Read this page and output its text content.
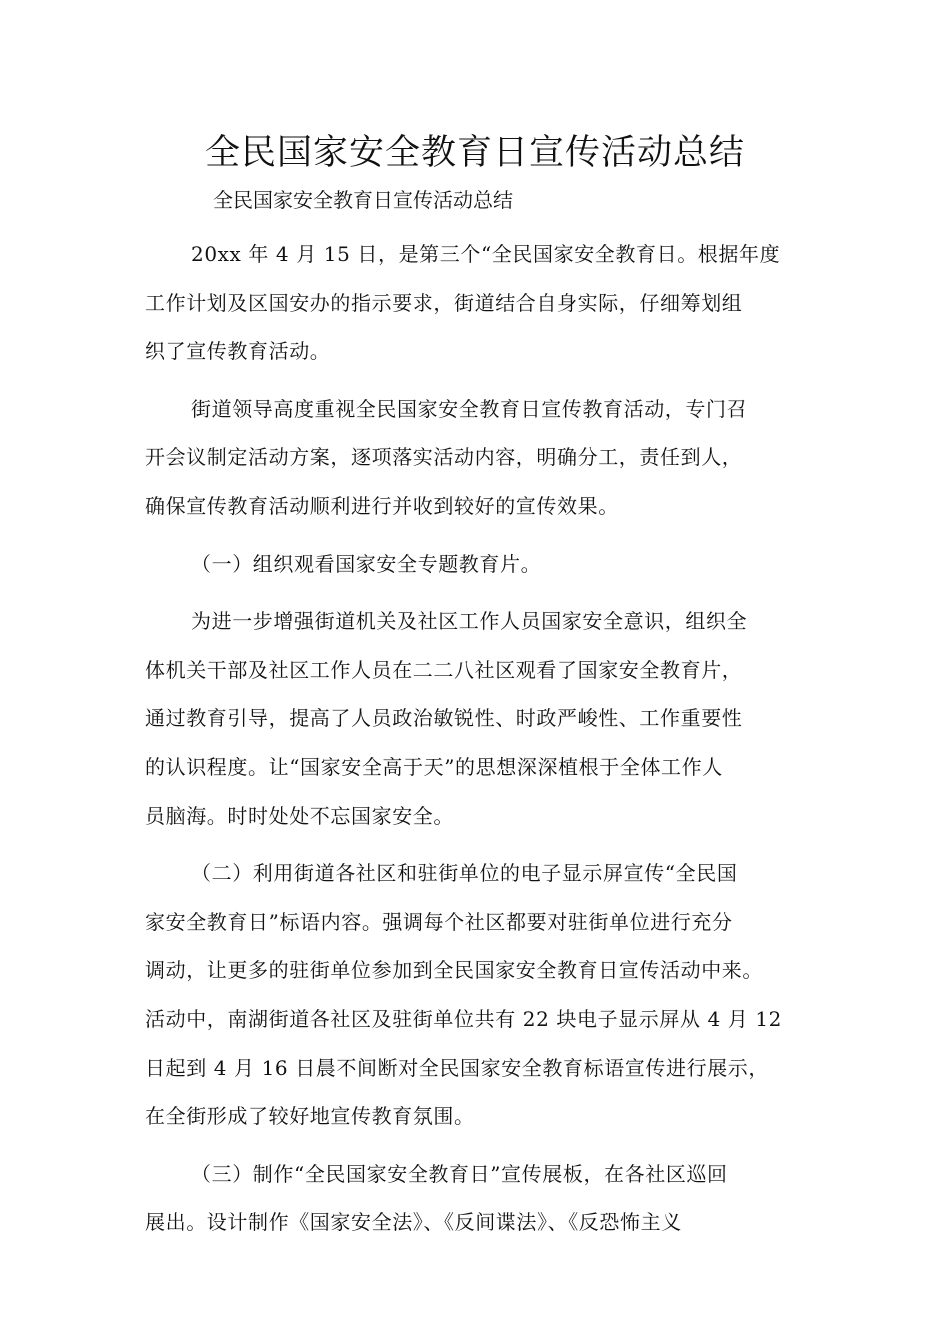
全民国家安全教育日宣传活动总结
全民国家安全教育日宣传活动总结
20xx 年 4 月 15 日，是第三个“全民国家安全教育日。根据年度
工作计划及区国安办的指示要求，街道结合自身实际，仔细筹划组
织了宣传教育活动。
街道领导高度重视全民国家安全教育日宣传教育活动，专门召
开会议制定活动方案，逐项落实活动内容，明确分工，责任到人，
确保宣传教育活动顺利进行并收到较好的宣传效果。
（一）组织观看国家安全专题教育片。
为进一步增强街道机关及社区工作人员国家安全意识，组织全
体机关干部及社区工作人员在二二八社区观看了国家安全教育片，
通过教育引导，提高了人员政治敏锐性、时政严峻性、工作重要性
的认识程度。让“国家安全高于天”的思想深深植根于全体工作人
员脑海。时时处处不忘国家安全。
（二）利用街道各社区和驻街单位的电子显示屏宣传“全民国
家安全教育日”标语内容。强调每个社区都要对驻街单位进行充分
调动，让更多的驻街单位参加到全民国家安全教育日宣传活动中来。
活动中，南湖街道各社区及驻街单位共有 22 块电子显示屏从 4 月 12
日起到 4 月 16 日晨不间断对全民国家安全教育标语宣传进行展示，
在全街形成了较好地宣传教育氛围。
（三）制作“全民国家安全教育日”宣传展板，在各社区巡回
展出。设计制作《国家安全法》、《反间谍法》、《反恐怖主义
